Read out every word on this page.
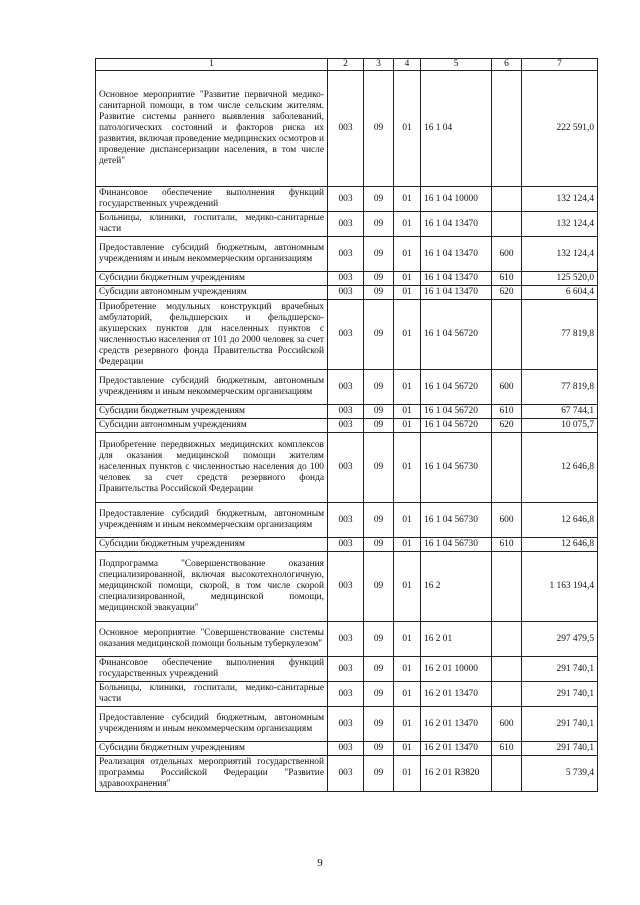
1	2	3	4	5	6	7
Основное мероприятие "Развитие первичной медико-санитарной помощи, в том числе сельским жителям. Развитие системы раннего выявления заболеваний, патологических состояний и факторов риска их развития, включая проведение медицинских осмотров и проведение диспансеризации населения, в том числе детей"	003	09	01	16 1 04		222 591,0
Финансовое обеспечение выполнения функций государственных учреждений	003	09	01	16 1 04 10000		132 124,4
Больницы, клиники, госпитали, медико-санитарные части	003	09	01	16 1 04 13470		132 124,4
Предоставление субсидий бюджетным, автономным учреждениям и иным некоммерческим организациям	003	09	01	16 1 04 13470	600	132 124,4
Субсидии бюджетным учреждениям	003	09	01	16 1 04 13470	610	125 520,0
Субсидии автономным учреждениям	003	09	01	16 1 04 13470	620	6 604,4
Приобретение модульных конструкций врачебных амбулаторий, фельдшерских и фельдшерско-акушерских пунктов для населенных пунктов с численностью населения от 101 до 2000 человек за счет средств резервного фонда Правительства Российской Федерации	003	09	01	16 1 04 56720		77 819,8
Предоставление субсидий бюджетным, автономным учреждениям и иным некоммерческим организациям	003	09	01	16 1 04 56720	600	77 819,8
Субсидии бюджетным учреждениям	003	09	01	16 1 04 56720	610	67 744,1
Субсидии автономным учреждениям	003	09	01	16 1 04 56720	620	10 075,7
Приобретение передвижных медицинских комплексов для оказания медицинской помощи жителям населенных пунктов с численностью населения до 100 человек за счет средств резервного фонда Правительства Российской Федерации	003	09	01	16 1 04 56730		12 646,8
Предоставление субсидий бюджетным, автономным учреждениям и иным некоммерческим организациям	003	09	01	16 1 04 56730	600	12 646,8
Субсидии бюджетным учреждениям	003	09	01	16 1 04 56730	610	12 646,8
Подпрограмма "Совершенствование оказания специализированной, включая высокотехнологичную, медицинской помощи, скорой, в том числе скорой специализированной, медицинской помощи, медицинской эвакуации"	003	09	01	16 2		1 163 194,4
Основное мероприятие "Совершенствование системы оказания медицинской помощи больным туберкулезом"	003	09	01	16 2 01		297 479,5
Финансовое обеспечение выполнения функций государственных учреждений	003	09	01	16 2 01 10000		291 740,1
Больницы, клиники, госпитали, медико-санитарные части	003	09	01	16 2 01 13470		291 740,1
Предоставление субсидий бюджетным, автономным учреждениям и иным некоммерческим организациям	003	09	01	16 2 01 13470	600	291 740,1
Субсидии бюджетным учреждениям	003	09	01	16 2 01 13470	610	291 740,1
Реализация отдельных мероприятий государственной программы Российской Федерации "Развитие здравоохранения"	003	09	01	16 2 01 R3820		5 739,4
9
